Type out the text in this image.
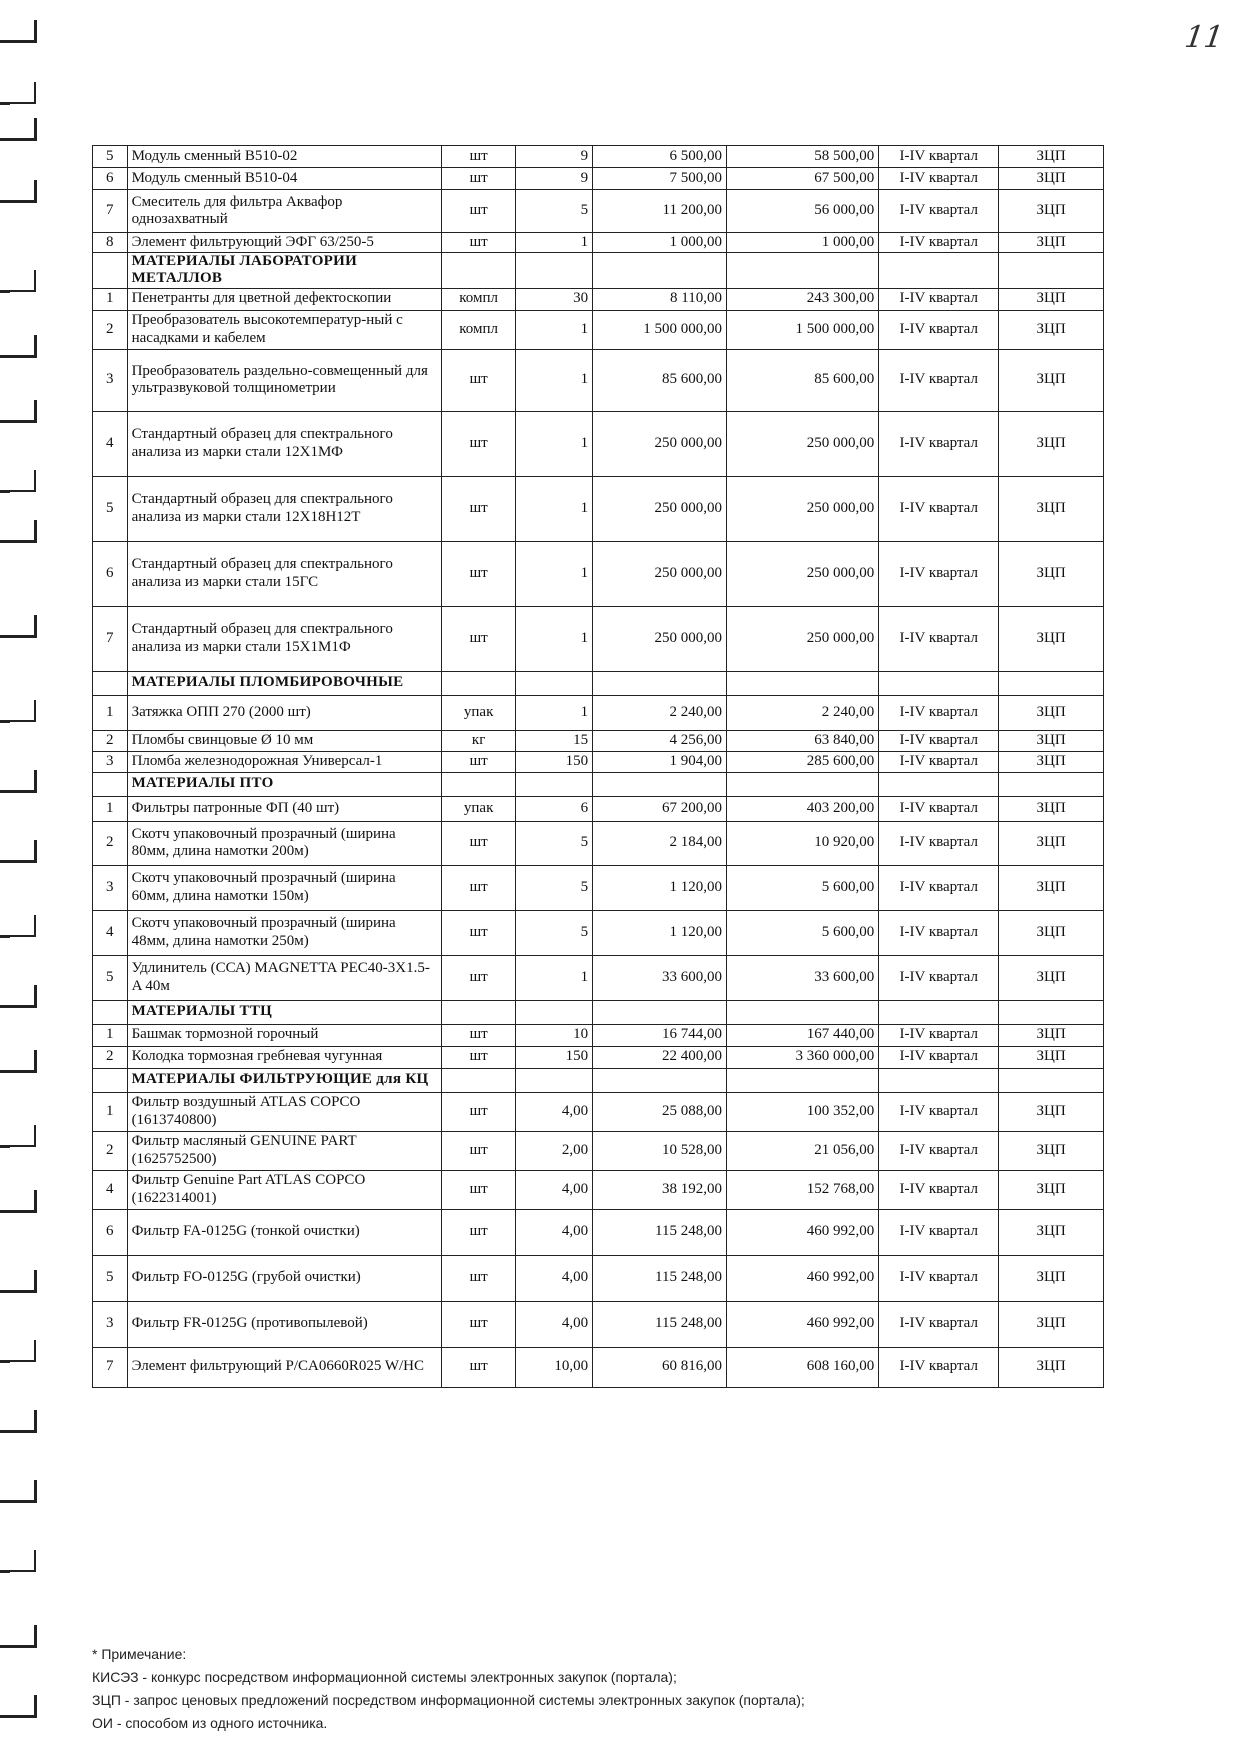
11
5	Модуль сменный B510-02	шт	9	6 500,00	58 500,00	I-IV квартал	ЗЦП
6	Модуль сменный B510-04	шт	9	7 500,00	67 500,00	I-IV квартал	ЗЦП
7	Смеситель для фильтра Аквафор однозахватный	шт	5	11 200,00	56 000,00	I-IV квартал	ЗЦП
8	Элемент фильтрующий ЭФГ 63/250-5	шт	1	1 000,00	1 000,00	I-IV квартал	ЗЦП
	МАТЕРИАЛЫ ЛАБОРАТОРИИ МЕТАЛЛОВ						
1	Пенетранты для цветной дефектоскопии	компл	30	8 110,00	243 300,00	I-IV квартал	ЗЦП
2	Преобразователь высокотемператур-ный с насадками и кабелем	компл	1	1 500 000,00	1 500 000,00	I-IV квартал	ЗЦП
3	Преобразователь раздельно-совмещенный для ультразвуковой толщинометрии	шт	1	85 600,00	85 600,00	I-IV квартал	ЗЦП
4	Стандартный образец для спектрального анализа из марки стали 12Х1МФ	шт	1	250 000,00	250 000,00	I-IV квартал	ЗЦП
5	Стандартный образец для спектрального анализа из марки стали 12Х18Н12Т	шт	1	250 000,00	250 000,00	I-IV квартал	ЗЦП
6	Стандартный образец для спектрального анализа из марки стали 15ГС	шт	1	250 000,00	250 000,00	I-IV квартал	ЗЦП
7	Стандартный образец для спектрального анализа из марки стали 15Х1М1Ф	шт	1	250 000,00	250 000,00	I-IV квартал	ЗЦП
	МАТЕРИАЛЫ ПЛОМБИРОВОЧНЫЕ						
1	Затяжка ОПП 270 (2000 шт)	упак	1	2 240,00	2 240,00	I-IV квартал	ЗЦП
2	Пломбы свинцовые Ø 10 мм	кг	15	4 256,00	63 840,00	I-IV квартал	ЗЦП
3	Пломба железнодорожная Универсал-1	шт	150	1 904,00	285 600,00	I-IV квартал	ЗЦП
	МАТЕРИАЛЫ ПТО						
1	Фильтры патронные ФП (40 шт)	упак	6	67 200,00	403 200,00	I-IV квартал	ЗЦП
2	Скотч упаковочный прозрачный (ширина 80мм, длина намотки 200м)	шт	5	2 184,00	10 920,00	I-IV квартал	ЗЦП
3	Скотч упаковочный прозрачный (ширина 60мм, длина намотки 150м)	шт	5	1 120,00	5 600,00	I-IV квартал	ЗЦП
4	Скотч упаковочный прозрачный (ширина 48мм, длина намотки 250м)	шт	5	1 120,00	5 600,00	I-IV квартал	ЗЦП
5	Удлинитель (ССА) MAGNETTA PEC40-3X1.5-A 40м	шт	1	33 600,00	33 600,00	I-IV квартал	ЗЦП
	МАТЕРИАЛЫ ТТЦ						
1	Башмак тормозной горочный	шт	10	16 744,00	167 440,00	I-IV квартал	ЗЦП
2	Колодка тормозная гребневая чугунная	шт	150	22 400,00	3 360 000,00	I-IV квартал	ЗЦП
	МАТЕРИАЛЫ ФИЛЬТРУЮЩИЕ для КЦ						
1	Фильтр воздушный ATLAS COPCO (1613740800)	шт	4,00	25 088,00	100 352,00	I-IV квартал	ЗЦП
2	Фильтр масляный GENUINE PART (1625752500)	шт	2,00	10 528,00	21 056,00	I-IV квартал	ЗЦП
4	Фильтр Genuine Part ATLAS COPCO (1622314001)	шт	4,00	38 192,00	152 768,00	I-IV квартал	ЗЦП
6	Фильтр FA-0125G (тонкой очистки)	шт	4,00	115 248,00	460 992,00	I-IV квартал	ЗЦП
5	Фильтр FO-0125G (грубой очистки)	шт	4,00	115 248,00	460 992,00	I-IV квартал	ЗЦП
3	Фильтр FR-0125G (противопылевой)	шт	4,00	115 248,00	460 992,00	I-IV квартал	ЗЦП
7	Элемент фильтрующий P/CA0660R025 W/HC	шт	10,00	60 816,00	608 160,00	I-IV квартал	ЗЦП
* Примечание:
КИСЭЗ - конкурс посредством информационной системы электронных закупок (портала);
ЗЦП - запрос ценовых предложений посредством информационной системы электронных закупок (портала);
ОИ - способом из одного источника.
